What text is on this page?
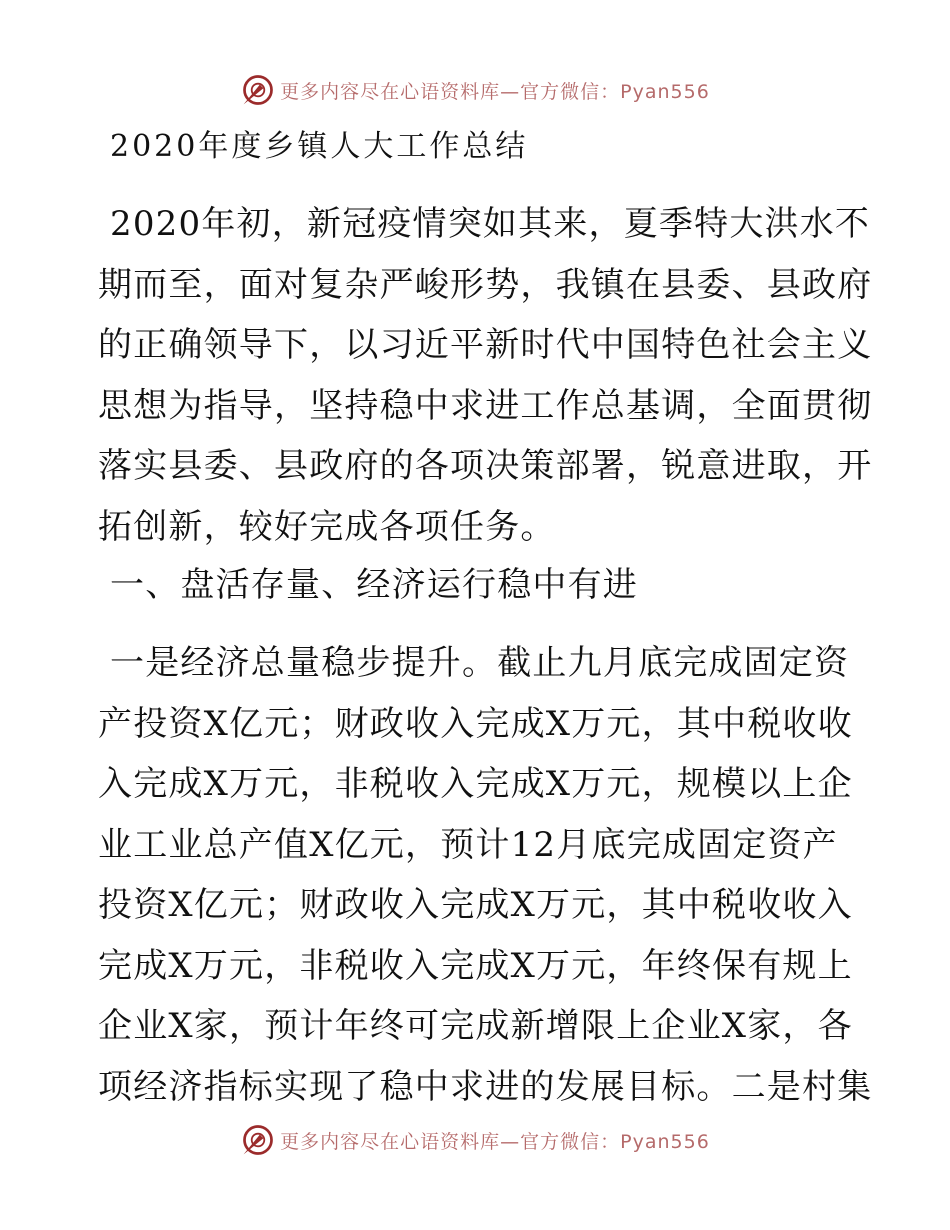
更多内容尽在心语资料库—官方微信：Pyan556
2020年度乡镇人大工作总结
2020年初，新冠疫情突如其来，夏季特大洪水不
期而至，面对复杂严峻形势，我镇在县委、县政府
的正确领导下，以习近平新时代中国特色社会主义
思想为指导，坚持稳中求进工作总基调，全面贯彻
落实县委、县政府的各项决策部署，锐意进取，开
拓创新，较好完成各项任务。
一、盘活存量、经济运行稳中有进
一是经济总量稳步提升。截止九月底完成固定资
产投资X亿元；财政收入完成X万元，其中税收收
入完成X万元，非税收入完成X万元，规模以上企
业工业总产值X亿元，预计12月底完成固定资产
投资X亿元；财政收入完成X万元，其中税收收入
完成X万元，非税收入完成X万元，年终保有规上
企业X家，预计年终可完成新增限上企业X家，各
项经济指标实现了稳中求进的发展目标。二是村集
更多内容尽在心语资料库—官方微信：Pyan556
